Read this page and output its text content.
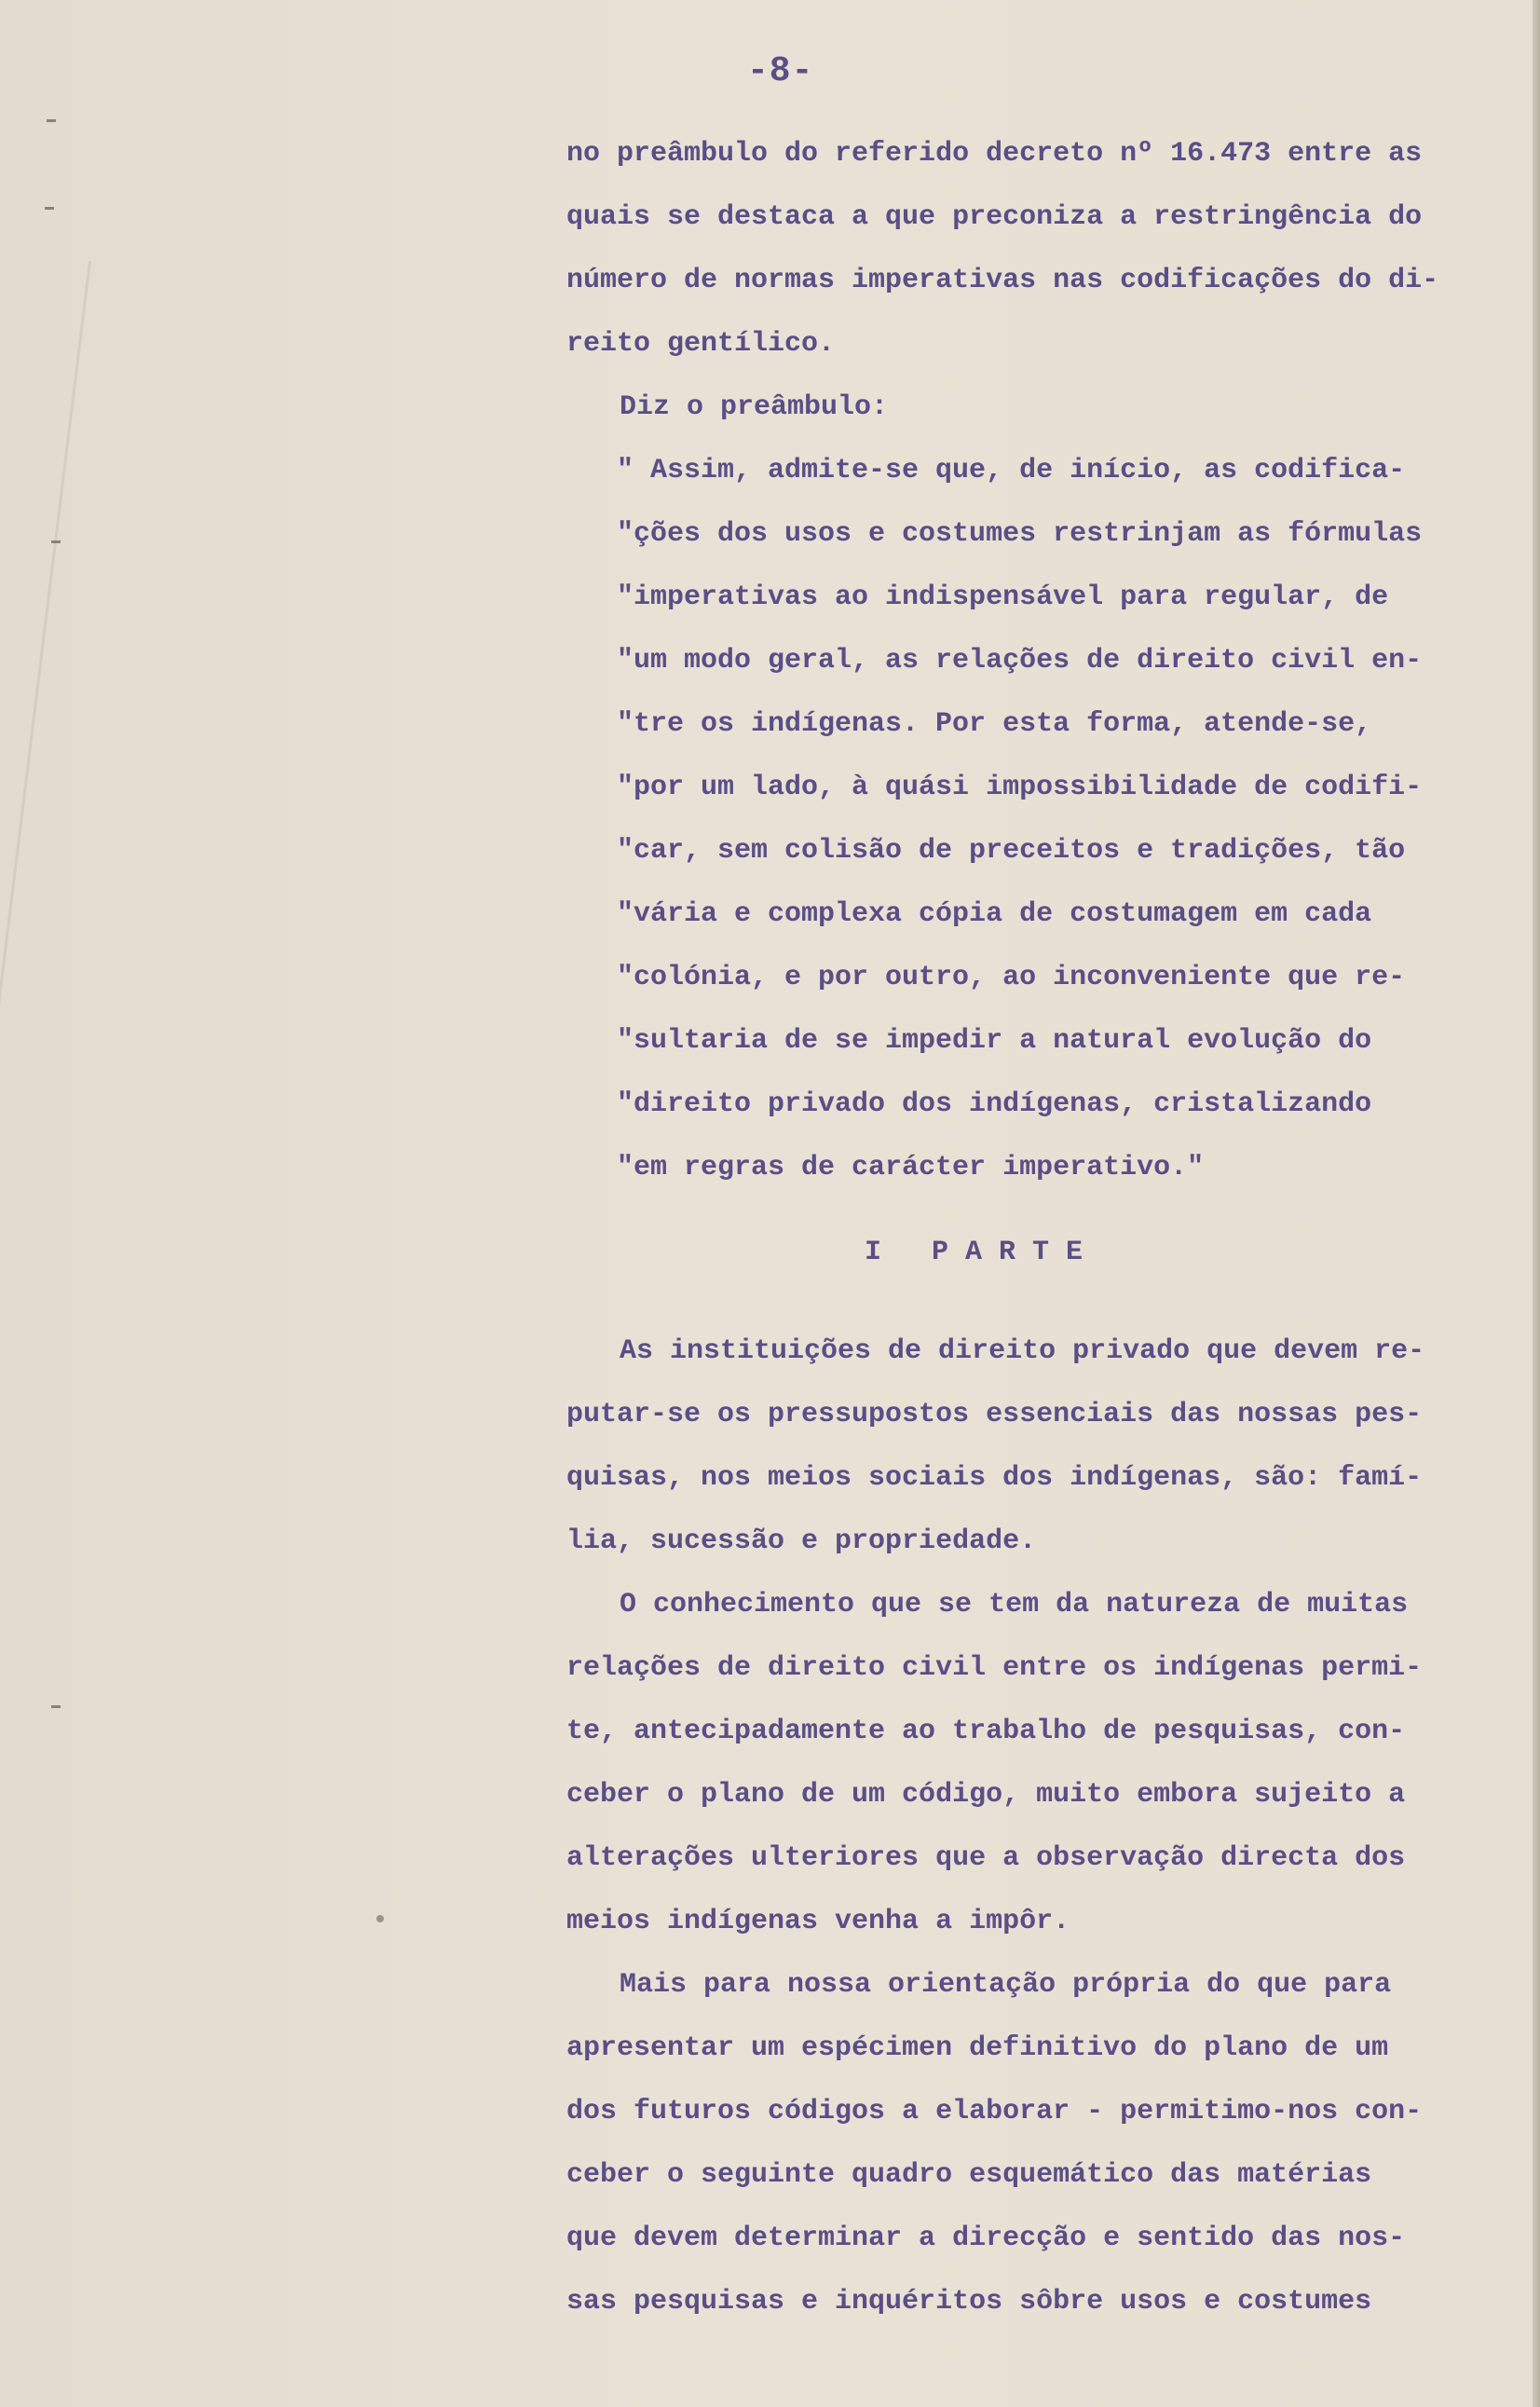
-8-
no preâmbulo do referido decreto nº 16.473 entre as
quais se destaca a que preconiza a restringência do
número de normas imperativas nas codificações do di-
reito gentílico.
Diz o preâmbulo:
" Assim, admite-se que, de início, as codifica-
"ções dos usos e costumes restrinjam as fórmulas
"imperativas ao indispensável para regular, de
"um modo geral, as relações de direito civil en-
"tre os indígenas. Por esta forma, atende-se,
"por um lado, à quási impossibilidade de codifi-
"car, sem colisão de preceitos e tradições, tão
"vária e complexa cópia de costumagem em cada
"colónia, e por outro, ao inconveniente que re-
"sultaria de se impedir a natural evolução do
"direito privado dos indígenas, cristalizando
"em regras de carácter imperativo."
I   P A R T E
As instituições de direito privado que devem re-
putar-se os pressupostos essenciais das nossas pes-
quisas, nos meios sociais dos indígenas, são: famí-
lia, sucessão e propriedade.
O conhecimento que se tem da natureza de muitas
relações de direito civil entre os indígenas permi-
te, antecipadamente ao trabalho de pesquisas, con-
ceber o plano de um código, muito embora sujeito a
alterações ulteriores que a observação directa dos
meios indígenas venha a impôr.
Mais para nossa orientação própria do que para
apresentar um espécimen definitivo do plano de um
dos futuros códigos a elaborar - permitimo-nos con-
ceber o seguinte quadro esquemático das matérias
que devem determinar a direcção e sentido das nos-
sas pesquisas e inquéritos sôbre usos e costumes
